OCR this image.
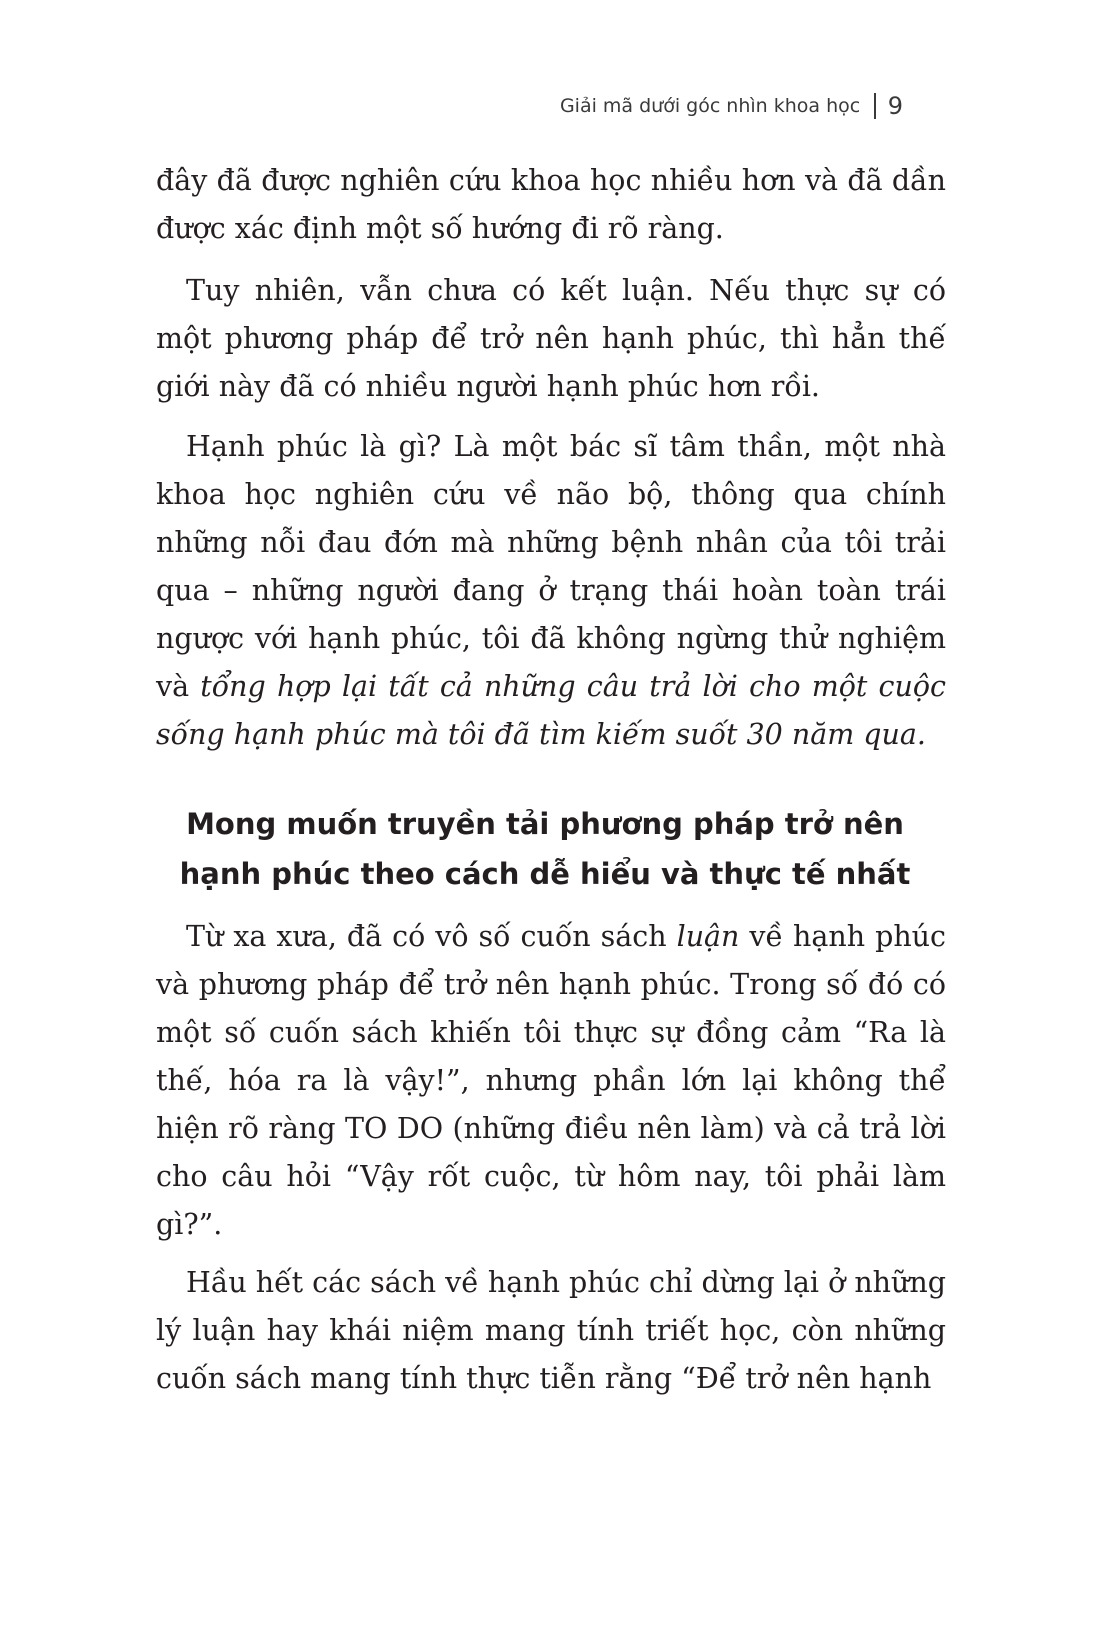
Giải mã dưới góc nhìn khoa học 9

đây đã được nghiên cứu khoa học nhiều hơn và đã dần được xác định một số hướng đi rõ ràng.

Tuy nhiên, vẫn chưa có kết luận. Nếu thực sự có một phương pháp để trở nên hạnh phúc, thì hẳn thế giới này đã có nhiều người hạnh phúc hơn rồi.

Hạnh phúc là gì? Là một bác sĩ tâm thần, một nhà khoa học nghiên cứu về não bộ, thông qua chính những nỗi đau đớn mà những bệnh nhân của tôi trải qua – những người đang ở trạng thái hoàn toàn trái ngược với hạnh phúc, tôi đã không ngừng thử nghiệm và tổng hợp lại tất cả những câu trả lời cho một cuộc sống hạnh phúc mà tôi đã tìm kiếm suốt 30 năm qua.

Mong muốn truyền tải phương pháp trở nên hạnh phúc theo cách dễ hiểu và thực tế nhất

Từ xa xưa, đã có vô số cuốn sách luận về hạnh phúc và phương pháp để trở nên hạnh phúc. Trong số đó có một số cuốn sách khiến tôi thực sự đồng cảm “Ra là thế, hóa ra là vậy!”, nhưng phần lớn lại không thể hiện rõ ràng TO DO (những điều nên làm) và cả trả lời cho câu hỏi “Vậy rốt cuộc, từ hôm nay, tôi phải làm gì?”.

Hầu hết các sách về hạnh phúc chỉ dừng lại ở những lý luận hay khái niệm mang tính triết học, còn những cuốn sách mang tính thực tiễn rằng “Để trở nên hạnh
